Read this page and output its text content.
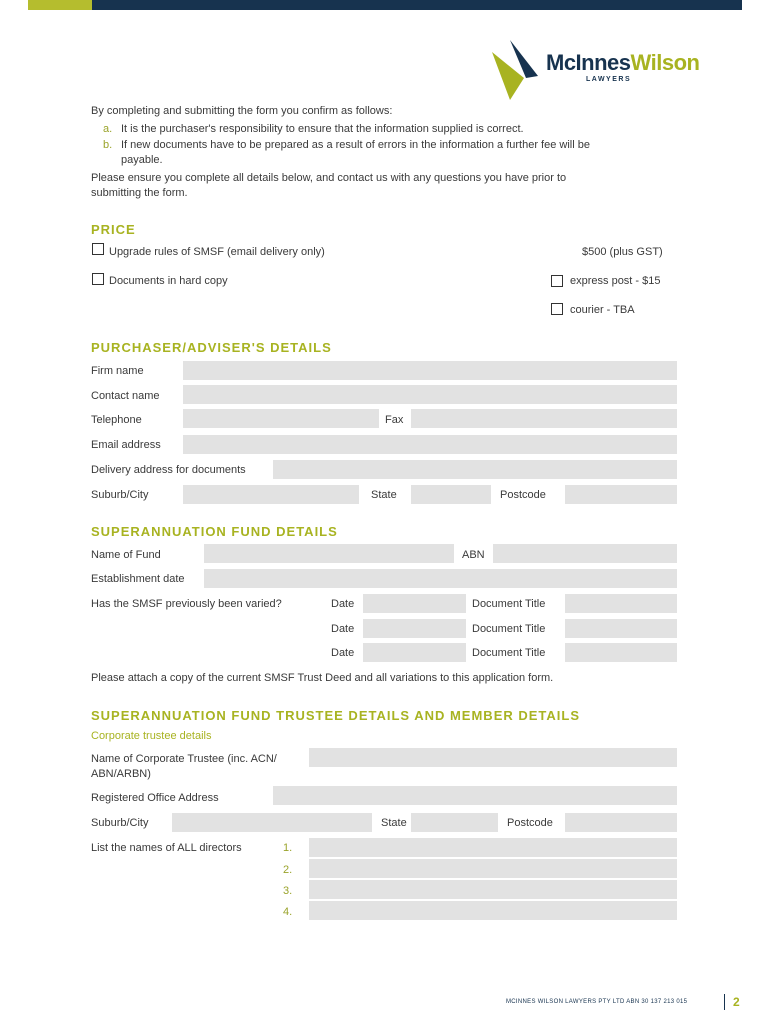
McInnesWilson
LAWYERS
By completing and submitting the form you confirm as follows:
a. It is the purchaser's responsibility to ensure that the information supplied is correct.
b. If new documents have to be prepared as a result of errors in the information a further fee will be
payable.
Please ensure you complete all details below, and contact us with any questions you have prior to
submitting the form.
PRICE
Upgrade rules of SMSF (email delivery only)	$500 (plus GST)
Documents in hard copy	express post - $15
courier - TBA
PURCHASER/ADVISER'S DETAILS
Firm name
Contact name
Telephone	Fax
Email address
Delivery address for documents
Suburb/City	State	Postcode
SUPERANNUATION FUND DETAILS
Name of Fund	ABN
Establishment date
Has the SMSF previously been varied?	Date	Document Title
Date	Document Title
Date	Document Title
Please attach a copy of the current SMSF Trust Deed and all variations to this application form.
SUPERANNUATION FUND TRUSTEE DETAILS AND MEMBER DETAILS
Corporate trustee details
Name of Corporate Trustee (inc. ACN/
ABN/ARBN)
Registered Office Address
Suburb/City	State	Postcode
List the names of ALL directors	1.
2.
3.
4.
MCINNES WILSON LAWYERS PTY LTD ABN 30 137 213 015	2
